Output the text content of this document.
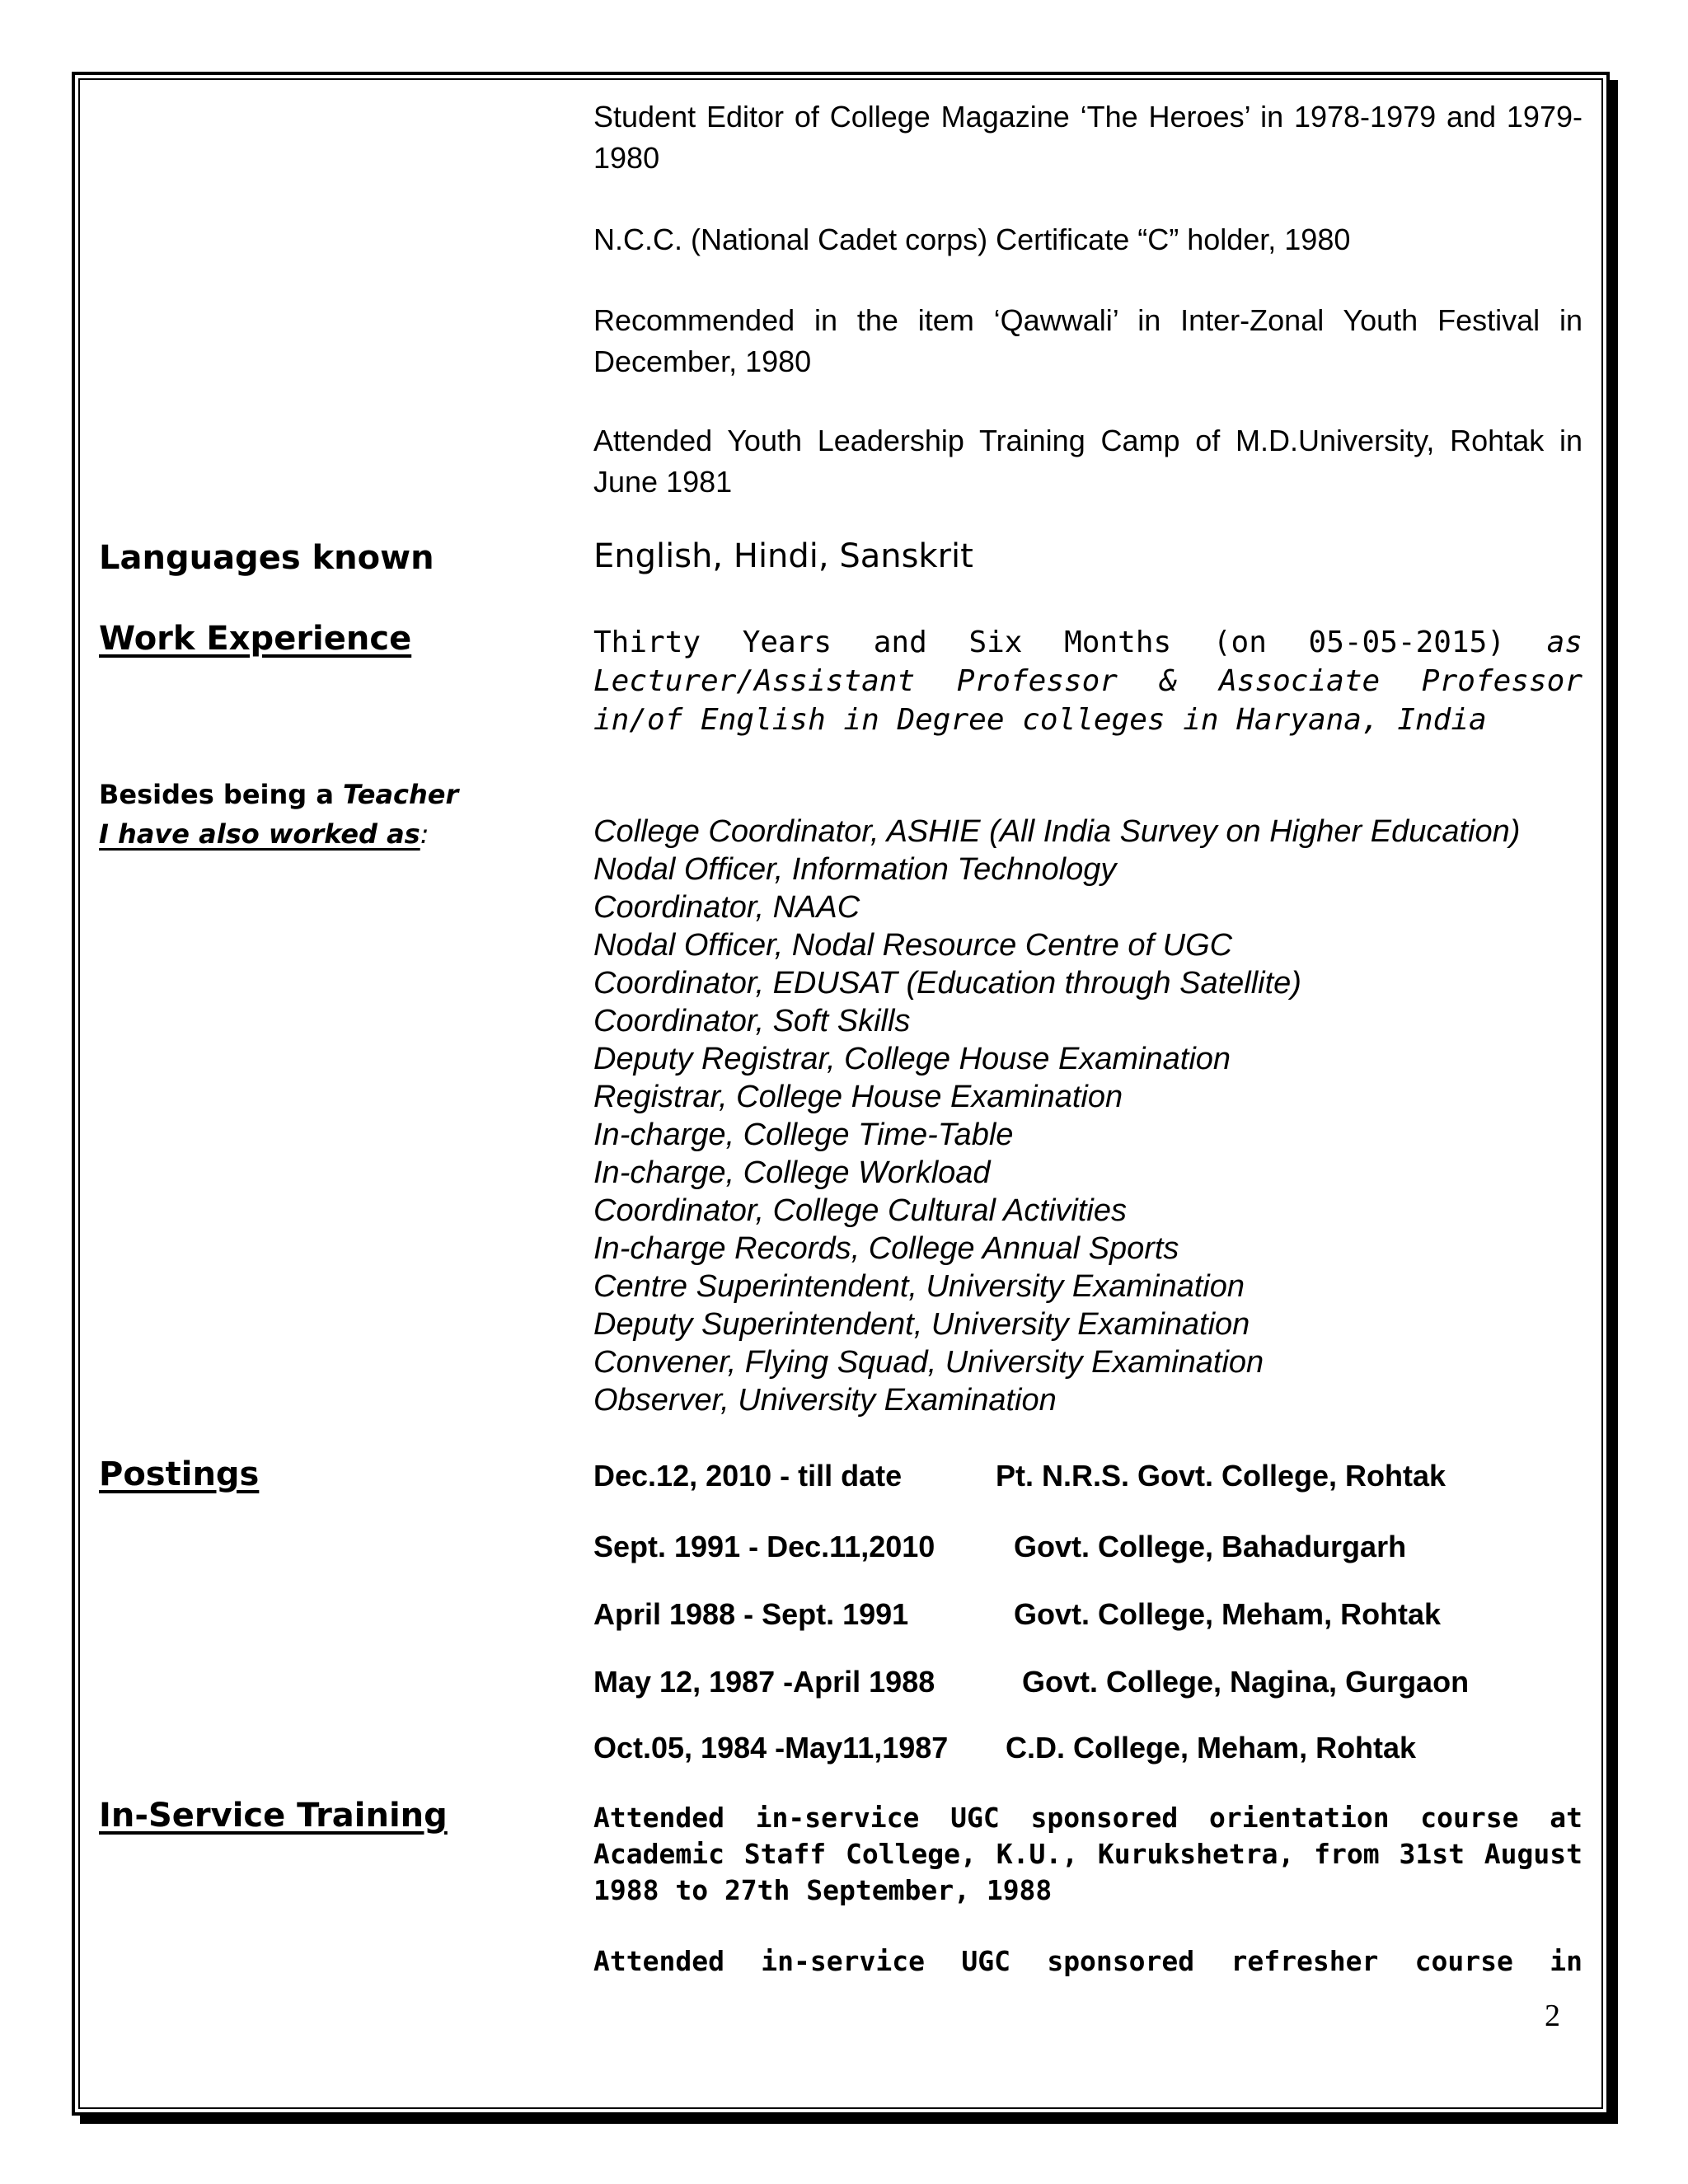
Student Editor of College Magazine ‘The Heroes’ in 1978-1979 and 1979-1980
N.C.C. (National Cadet corps) Certificate “C” holder, 1980
Recommended in the item ‘Qawwali’ in Inter-Zonal Youth Festival in December, 1980
Attended Youth Leadership Training Camp of M.D.University, Rohtak in June 1981
Languages known	English, Hindi, Sanskrit
Work Experience	Thirty Years and Six Months (on 05-05-2015) as Lecturer/Assistant Professor & Associate Professor in/of English in Degree colleges in Haryana, India
Besides being a Teacher
I have also worked as:	College Coordinator, ASHIE (All India Survey on Higher Education)
Nodal Officer, Information Technology
Coordinator, NAAC
Nodal Officer, Nodal Resource Centre of UGC
Coordinator, EDUSAT (Education through Satellite)
Coordinator, Soft Skills
Deputy Registrar, College House Examination
Registrar, College House Examination
In-charge, College Time-Table
In-charge, College Workload
Coordinator, College Cultural Activities
In-charge Records, College Annual Sports
Centre Superintendent, University Examination
Deputy Superintendent, University Examination
Convener, Flying Squad, University Examination
Observer, University Examination
Postings	Dec.12, 2010 - till date	Pt. N.R.S. Govt. College, Rohtak
Sept. 1991 - Dec.11,2010	Govt. College, Bahadurgarh
April 1988 - Sept. 1991	Govt. College, Meham, Rohtak
May 12, 1987 -April 1988	Govt. College, Nagina, Gurgaon
Oct.05, 1984 -May11,1987 C.D. College, Meham, Rohtak
In-Service Training	Attended in-service UGC sponsored orientation course at Academic Staff College, K.U., Kurukshetra, from 31st August 1988 to 27th September, 1988
Attended in-service UGC sponsored refresher course in
2
